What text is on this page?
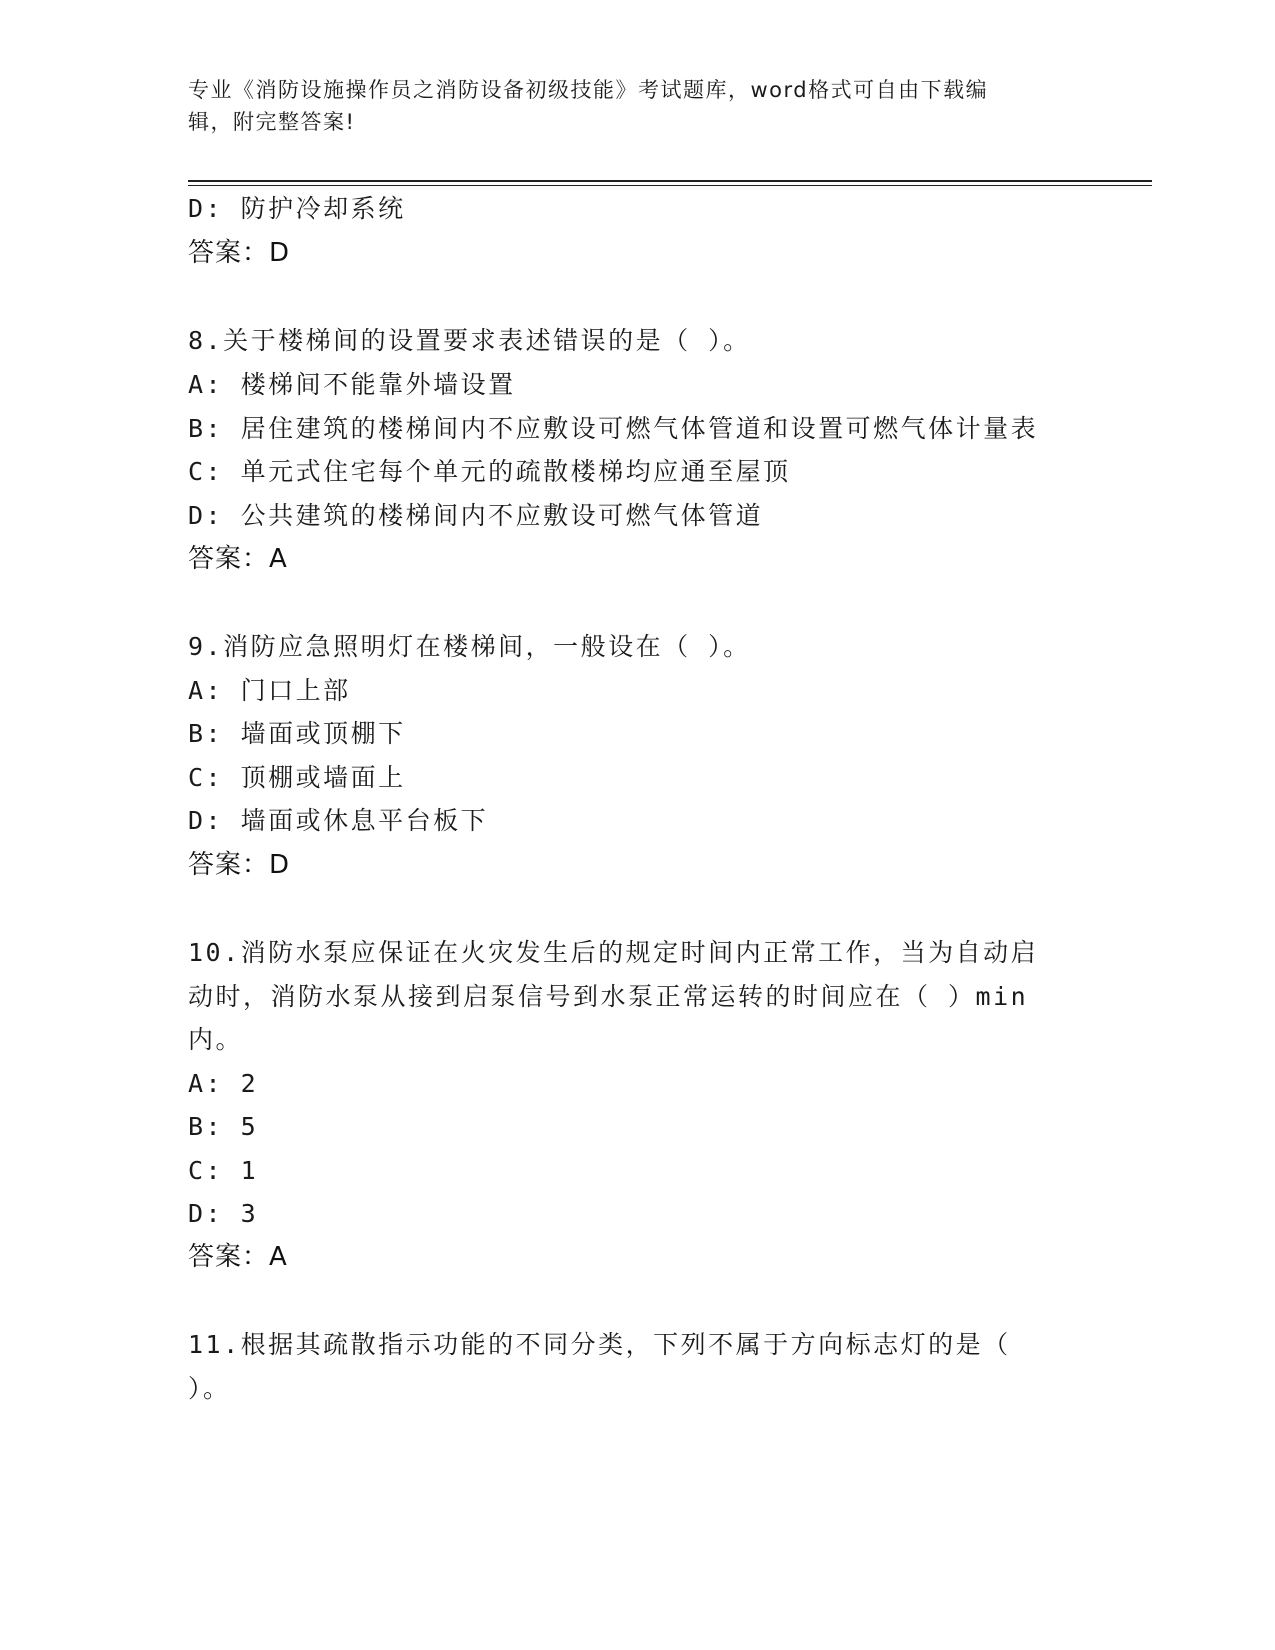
专业《消防设施操作员之消防设备初级技能》考试题库，word格式可自由下载编
辑，附完整答案!
D: 防护冷却系统
答案：D
8.关于楼梯间的设置要求表述错误的是（ ）。
A: 楼梯间不能靠外墙设置
B: 居住建筑的楼梯间内不应敷设可燃气体管道和设置可燃气体计量表
C: 单元式住宅每个单元的疏散楼梯均应通至屋顶
D: 公共建筑的楼梯间内不应敷设可燃气体管道
答案：A
9.消防应急照明灯在楼梯间，一般设在（ ）。
A: 门口上部
B: 墙面或顶棚下
C: 顶棚或墙面上
D: 墙面或休息平台板下
答案：D
10.消防水泵应保证在火灾发生后的规定时间内正常工作，当为自动启
动时，消防水泵从接到启泵信号到水泵正常运转的时间应在（ ）min
内。
A: 2
B: 5
C: 1
D: 3
答案：A
11.根据其疏散指示功能的不同分类，下列不属于方向标志灯的是（
）。
